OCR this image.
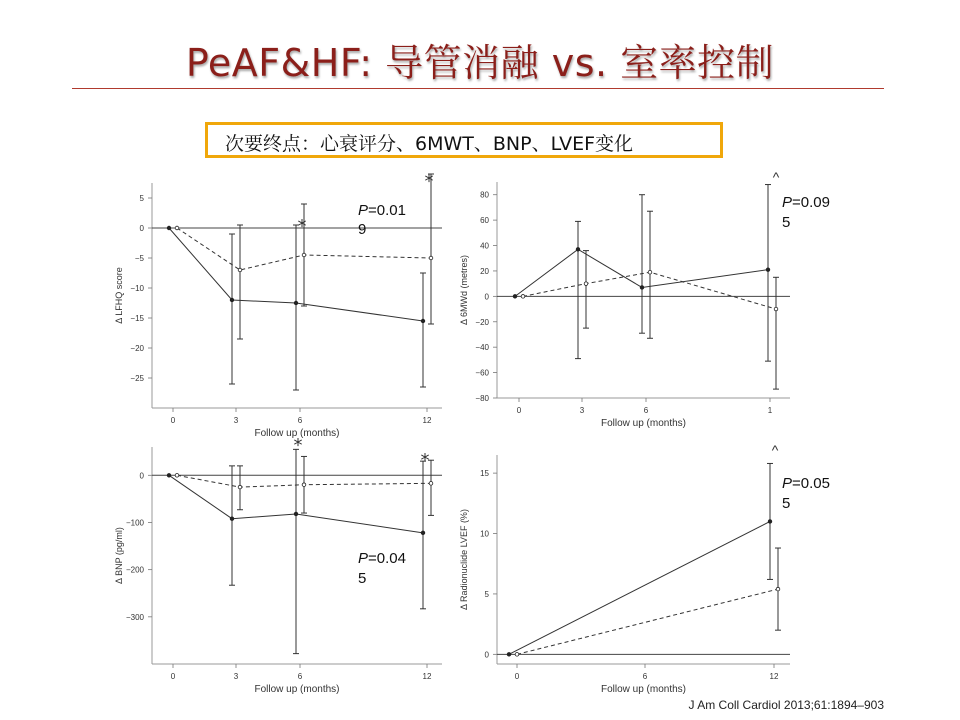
PeAF&HF: 导管消融 vs. 室率控制
次要终点：心衰评分、6MWT、BNP、LVEF变化
5
0
−5
−10
−15
−20
−25
0	3	6	12
Follow up (months)
Δ LFHQ score
*
*
P=0.01
9
80
60
40
20
0
−20
−40
−60
−80
0	3	6	1
Follow up (months)
Δ 6MWd (metres)
^
P=0.09
5
0
−100
−200
−300
0	3	6	12
Follow up (months)
Δ BNP (pg/ml)
*
*
P=0.04
5
15
10
5
0
0	6	12
Follow up (months)
Δ Radionuclide LVEF (%)
^
P=0.05
5
J Am Coll Cardiol 2013;61:1894–903
